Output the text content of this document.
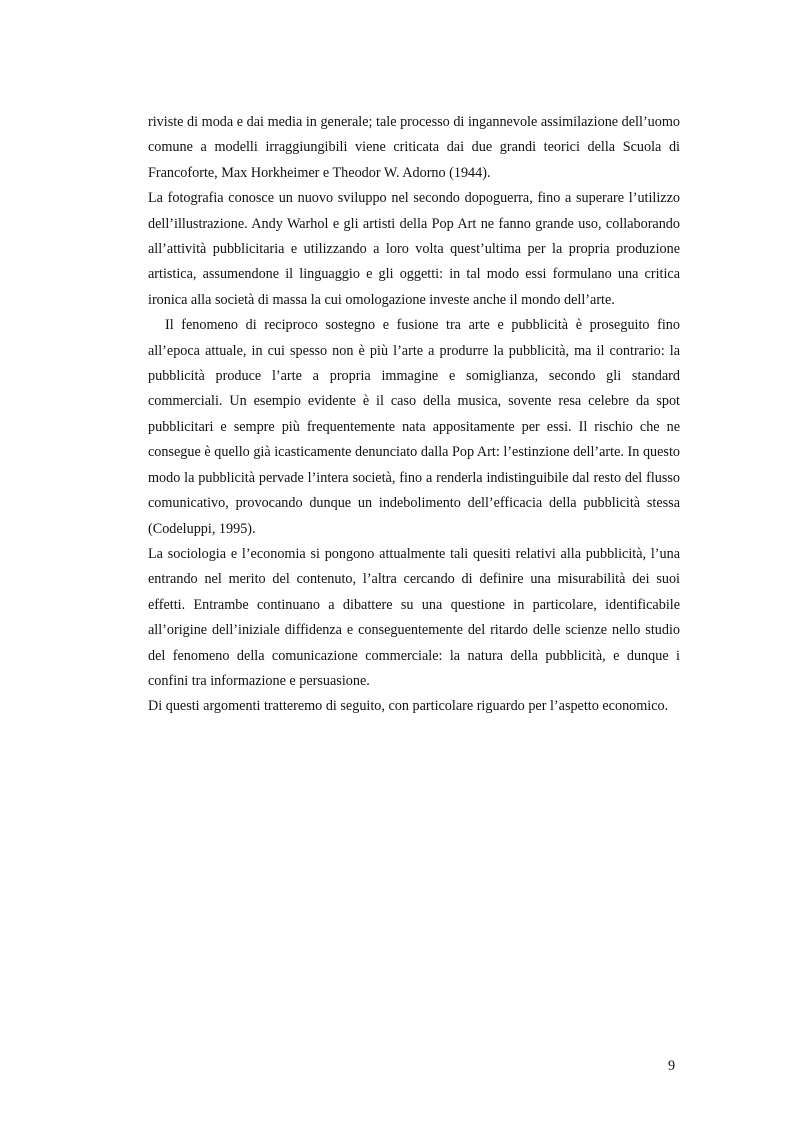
riviste di moda e dai media in generale; tale processo di ingannevole assimilazione dell’uomo comune a modelli irraggiungibili viene criticata dai due grandi teorici della Scuola di Francoforte, Max Horkheimer e Theodor W. Adorno (1944).

La fotografia conosce un nuovo sviluppo nel secondo dopoguerra, fino a superare l’utilizzo dell’illustrazione. Andy Warhol e gli artisti della Pop Art ne fanno grande uso, collaborando all’attività pubblicitaria e utilizzando a loro volta quest’ultima per la propria produzione artistica, assumendone il linguaggio e gli oggetti: in tal modo essi formulano una critica ironica alla società di massa la cui omologazione investe anche il mondo dell’arte.

Il fenomeno di reciproco sostegno e fusione tra arte e pubblicità è proseguito fino all’epoca attuale, in cui spesso non è più l’arte a produrre la pubblicità, ma il contrario: la pubblicità produce l’arte a propria immagine e somiglianza, secondo gli standard commerciali. Un esempio evidente è il caso della musica, sovente resa celebre da spot pubblicitari e sempre più frequentemente nata appositamente per essi. Il rischio che ne consegue è quello già icasticamente denunciato dalla Pop Art: l’estinzione dell’arte. In questo modo la pubblicità pervade l’intera società, fino a renderla indistinguibile dal resto del flusso comunicativo, provocando dunque un indebolimento dell’efficacia della pubblicità stessa (Codeluppi, 1995).

La sociologia e l’economia si pongono attualmente tali quesiti relativi alla pubblicità, l’una entrando nel merito del contenuto, l’altra cercando di definire una misurabilità dei suoi effetti. Entrambe continuano a dibattere su una questione in particolare, identificabile all’origine dell’iniziale diffidenza e conseguentemente del ritardo delle scienze nello studio del fenomeno della comunicazione commerciale: la natura della pubblicità, e dunque i confini tra informazione e persuasione.

Di questi argomenti tratteremo di seguito, con particolare riguardo per l’aspetto economico.

9
